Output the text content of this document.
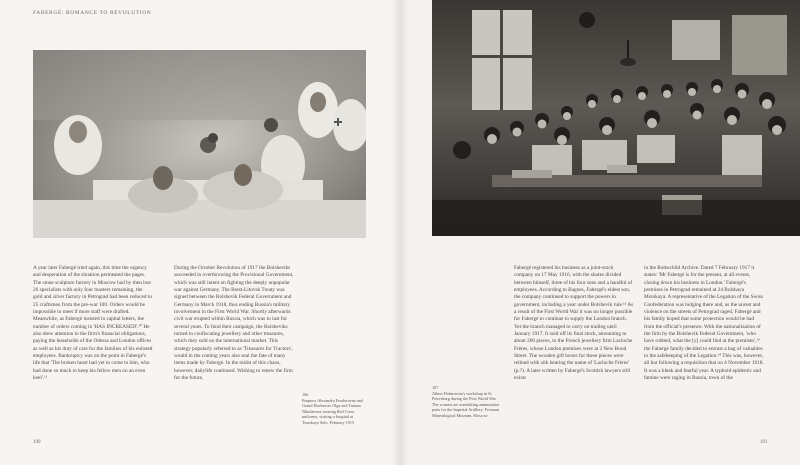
FABERGÉ: ROMANCE TO REVOLUTION

A year later Fabergé tried again, this time the urgency and desperation of the situation permeated the pages. The stone sculpture factory in Moscow had by then lost 26 specialists with only four masters remaining, the gold and silver factory in Petrograd had been reduced to 25 craftsmen from the pre-war 100. Orders would be impossible to meet if more staff were drafted. Meanwhile, as Fabergé insisted in capital letters, the number of orders coming in 'HAS INCREASED'.¹⁰ He also drew attention to the firm's financial obligations, paying the leaseholds of the Odessa and London offices as well as his duty of care for the families of his enlisted employees. Bankruptcy was on the point in Fabergé's life that 'The broken heart had yet to come to him, who had done so much to keep his fellow men on an even keel'.¹¹

During the October Revolution of 1917 the Bolsheviks succeeded in overthrowing the Provisional Government, which was still intent on fighting the deeply unpopular war against Germany. The Brest-Litovsk Treaty was signed between the Bolshevik Federal Government and Germany in March 1918, thus ending Russia's military involvement in the First World War. Shortly afterwards civil war erupted within Russia, which was to last for several years. To fund their campaign, the Bolsheviks turned to confiscating jewellery and other treasures, which they sold on the international market. This strategy popularly referred to as 'Treasures for Tractors', would in the coming years also seal the fate of many items made by Fabergé. In the midst of this chaos, however, dailylife continued. Wishing to renew the firm for the future,

166
Empress Alexandra Feodorovna and Grand Duchesses Olga and Tatiana Nikolaevna wearing Red Cross uniforms, visiting a hospital at Tsarskoye Selo, February 1915
190
167
Albert Holmström's workshop in St Petersburg during the First World War. The women are assembling ammunition parts for the Imperial Artillery. Fersman Mineralogical Museum, Moscow

Fabergé registered his business as a joint-stock company on 17 May 1916, with the shares divided between himself, three of his four sons and a handful of employees. According to Bagnes, Fabergé's eldest son, the company continued to support the powers in government, including a year under Bolshevik rule.¹² As a result of the First World War it was no longer possible for Fabergé to continue to supply the London branch. Yet the branch managed to carry on trading until January 1917. It sold off its final stock, amounting to about 200 pieces, to the French jewellery firm Lacloche Frères, whose London premises were at 2 New Bond Street. The wooden gift boxes for these pieces were relined with silk bearing the name of 'Lacloche Frères' (p.?). A later written by Fabergé's Scottish lawyers still exists

in the Rothschild Archive. Dated 7 February 1917 it states: 'Mr Fabergé is for the present, at all events, closing down his business in London.' Fabergé's premises in Petrograd remained at 24 Bolshaya Morskaya. A representative of the Legation of the Swiss Confederation was lodging there and, as the unrest and violence on the streets of Petrograd raged, Fabergé and his family hoped that some protection would be had from the official's presence. With the nationalization of the firm by the Bolshevik Federal Government, 'who have robbed, what the [y] could find at the premises',¹³ the Fabergé family decided to entrust a bag of valuables to the safekeeping of the Legation.¹⁴ This was, however, all but following a requisition that on 4 November 1918. It was a bleak and fearful year. A typhoid epidemic and famine were raging in Russia, town of the

191
